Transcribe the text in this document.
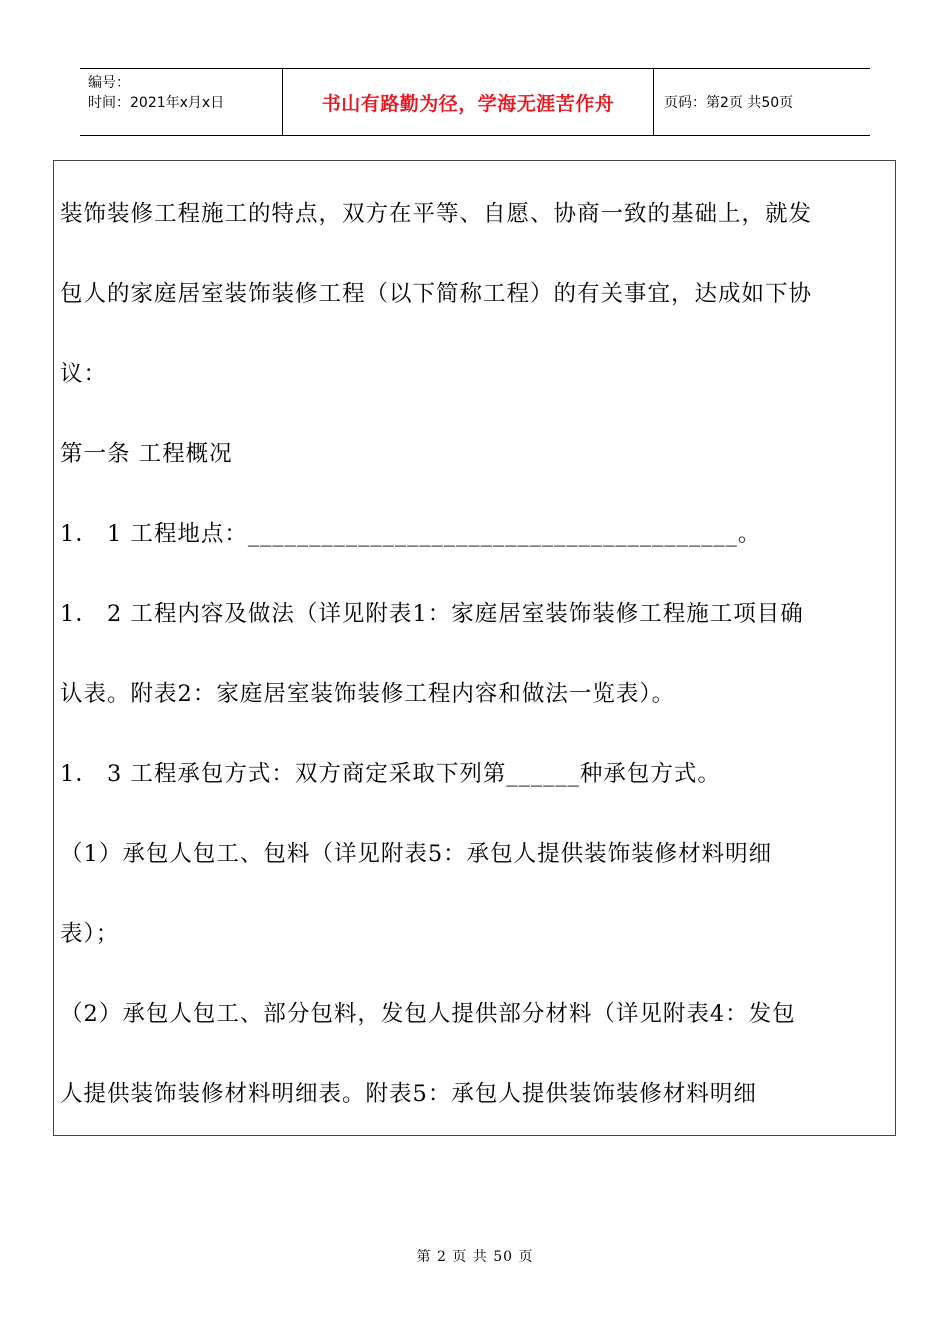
编号：
时间：2021年x月x日	书山有路勤为径，学海无涯苦作舟	页码：第2页 共50页

装饰装修工程施工的特点，双方在平等、自愿、协商一致的基础上，就发

包人的家庭居室装饰装修工程（以下简称工程）的有关事宜，达成如下协

议：

第一条 工程概况

1． 1 工程地点：________________________________________。

1． 2 工程内容及做法（详见附表1：家庭居室装饰装修工程施工项目确

认表。附表2：家庭居室装饰装修工程内容和做法一览表）。

1． 3 工程承包方式：双方商定采取下列第______种承包方式。

（1）承包人包工、包料（详见附表5：承包人提供装饰装修材料明细

表）；

（2）承包人包工、部分包料，发包人提供部分材料（详见附表4：发包

人提供装饰装修材料明细表。附表5：承包人提供装饰装修材料明细

第 2 页 共 50 页
